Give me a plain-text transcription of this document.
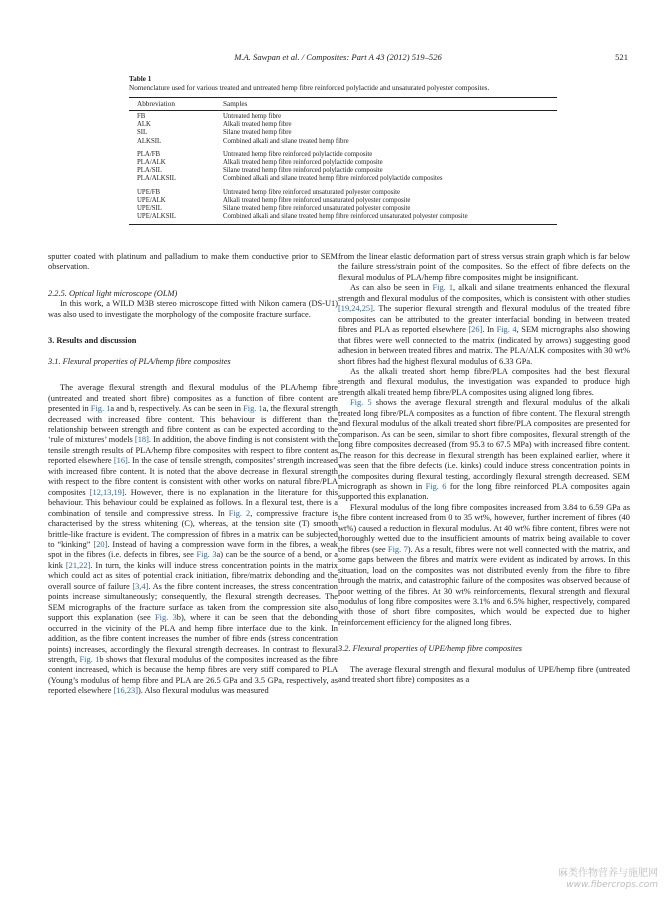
M.A. Sawpan et al. / Composites: Part A 43 (2012) 519–526	521
Table 1
Nomenclature used for various treated and untreated hemp fibre reinforced polylactide and unsaturated polyester composites.
Abbreviation	Samples
FB	Untreated hemp fibre
ALK	Alkali treated hemp fibre
SIL	Silane treated hemp fibre
ALKSIL	Combined alkali and silane treated hemp fibre
PLA/FB	Untreated hemp fibre reinforced polylactide composite
PLA/ALK	Alkali treated hemp fibre reinforced polylactide composite
PLA/SIL	Silane treated hemp fibre reinforced polylactide composite
PLA/ALKSIL	Combined alkali and silane treated hemp fibre reinforced polylactide composites
UPE/FB	Untreated hemp fibre reinforced unsaturated polyester composite
UPE/ALK	Alkali treated hemp fibre reinforced unsaturated polyester composite
UPE/SIL	Silane treated hemp fibre reinforced unsaturated polyester composite
UPE/ALKSIL	Combined alkali and silane treated hemp fibre reinforced unsaturated polyester composite

sputter coated with platinum and palladium to make them conductive prior to SEM observation.

2.2.5. Optical light microscope (OLM)

In this work, a WILD M3B stereo microscope fitted with Nikon camera (DS-U1) was also used to investigate the morphology of the composite fracture surface.

3. Results and discussion
3.1. Flexural properties of PLA/hemp fibre composites

The average flexural strength and flexural modulus of the PLA/hemp fibre (untreated and treated short fibre) composites as a function of fibre content are presented in Fig. 1a and b, respectively. As can be seen in Fig. 1a, the flexural strength decreased with increased fibre content. This behaviour is different than the relationship between strength and fibre content as can be expected according to the ‘rule of mixtures’ models [18]. In addition, the above finding is not consistent with the tensile strength results of PLA/hemp fibre composites with respect to fibre content as reported elsewhere [16]. In the case of tensile strength, composites’ strength increased with increased fibre content. It is noted that the above decrease in flexural strength with respect to the fibre content is consistent with other works on natural fibre/PLA composites [12,13,19]. However, there is no explanation in the literature for this behaviour. This behaviour could be explained as follows. In a flexural test, there is a combination of tensile and compressive stress. In Fig. 2, compressive fracture is characterised by the stress whitening (C), whereas, at the tension site (T) smooth brittle-like fracture is evident. The compression of fibres in a matrix can be subjected to “kinking” [20]. Instead of having a compression wave form in the fibres, a weak spot in the fibres (i.e. defects in fibres, see Fig. 3a) can be the source of a bend, or a kink [21,22]. In turn, the kinks will induce stress concentration points in the matrix which could act as sites of potential crack initiation, fibre/matrix debonding and the overall source of failure [3,4]. As the fibre content increases, the stress concentration points increase simultaneously; consequently, the flexural strength decreases. The SEM micrographs of the fracture surface as taken from the compression site also support this explanation (see Fig. 3b), where it can be seen that the debonding occurred in the vicinity of the PLA and hemp fibre interface due to the kink. In addition, as the fibre content increases the number of fibre ends (stress concentration points) increases, accordingly the flexural strength decreases. In contrast to flexural strength, Fig. 1b shows that flexural modulus of the composites increased as the fibre content increased, which is because the hemp fibres are very stiff compared to PLA (Young’s modulus of hemp fibre and PLA are 26.5 GPa and 3.5 GPa, respectively, as reported elsewhere [16,23]). Also flexural modulus was measured

from the linear elastic deformation part of stress versus strain graph which is far below the failure stress/strain point of the composites. So the effect of fibre defects on the flexural modulus of PLA/hemp fibre composites might be insignificant.

As can also be seen in Fig. 1, alkali and silane treatments enhanced the flexural strength and flexural modulus of the composites, which is consistent with other studies [19,24,25]. The superior flexural strength and flexural modulus of the treated fibre composites can be attributed to the greater interfacial bonding in between treated fibres and PLA as reported elsewhere [26]. In Fig. 4, SEM micrographs also showing that fibres were well connected to the matrix (indicated by arrows) suggesting good adhesion in between treated fibres and matrix. The PLA/ALK composites with 30 wt% short fibres had the highest flexural modulus of 6.33 GPa.

As the alkali treated short hemp fibre/PLA composites had the best flexural strength and flexural modulus, the investigation was expanded to produce high strength alkali treated hemp fibre/PLA composites using aligned long fibres.

Fig. 5 shows the average flexural strength and flexural modulus of the alkali treated long fibre/PLA composites as a function of fibre content. The flexural strength and flexural modulus of the alkali treated short fibre/PLA composites are presented for comparison. As can be seen, similar to short fibre composites, flexural strength of the long fibre composites decreased (from 95.3 to 67.5 MPa) with increased fibre content. The reason for this decrease in flexural strength has been explained earlier, where it was seen that the fibre defects (i.e. kinks) could induce stress concentration points in the composites during flexural testing, accordingly flexural strength decreased. SEM micrograph as shown in Fig. 6 for the long fibre reinforced PLA composites again supported this explanation.

Flexural modulus of the long fibre composites increased from 3.84 to 6.59 GPa as the fibre content increased from 0 to 35 wt%, however, further increment of fibres (40 wt%) caused a reduction in flexural modulus. At 40 wt% fibre content, fibres were not thoroughly wetted due to the insufficient amounts of matrix being available to cover the fibres (see Fig. 7). As a result, fibres were not well connected with the matrix, and some gaps between the fibres and matrix were evident as indicated by arrows. In this situation, load on the composites was not distributed evenly from the fibre to fibre through the matrix, and catastrophic failure of the composites was observed because of poor wetting of the fibres. At 30 wt% reinforcements, flexural strength and flexural modulus of long fibre composites were 3.1% and 6.5% higher, respectively, compared with those of short fibre composites, which would be expected due to higher reinforcement efficiency for the aligned long fibres.

3.2. Flexural properties of UPE/hemp fibre composites

The average flexural strength and flexural modulus of UPE/hemp fibre (untreated and treated short fibre) composites as a

麻类作物营养与施肥网
www.fibercrops.com
